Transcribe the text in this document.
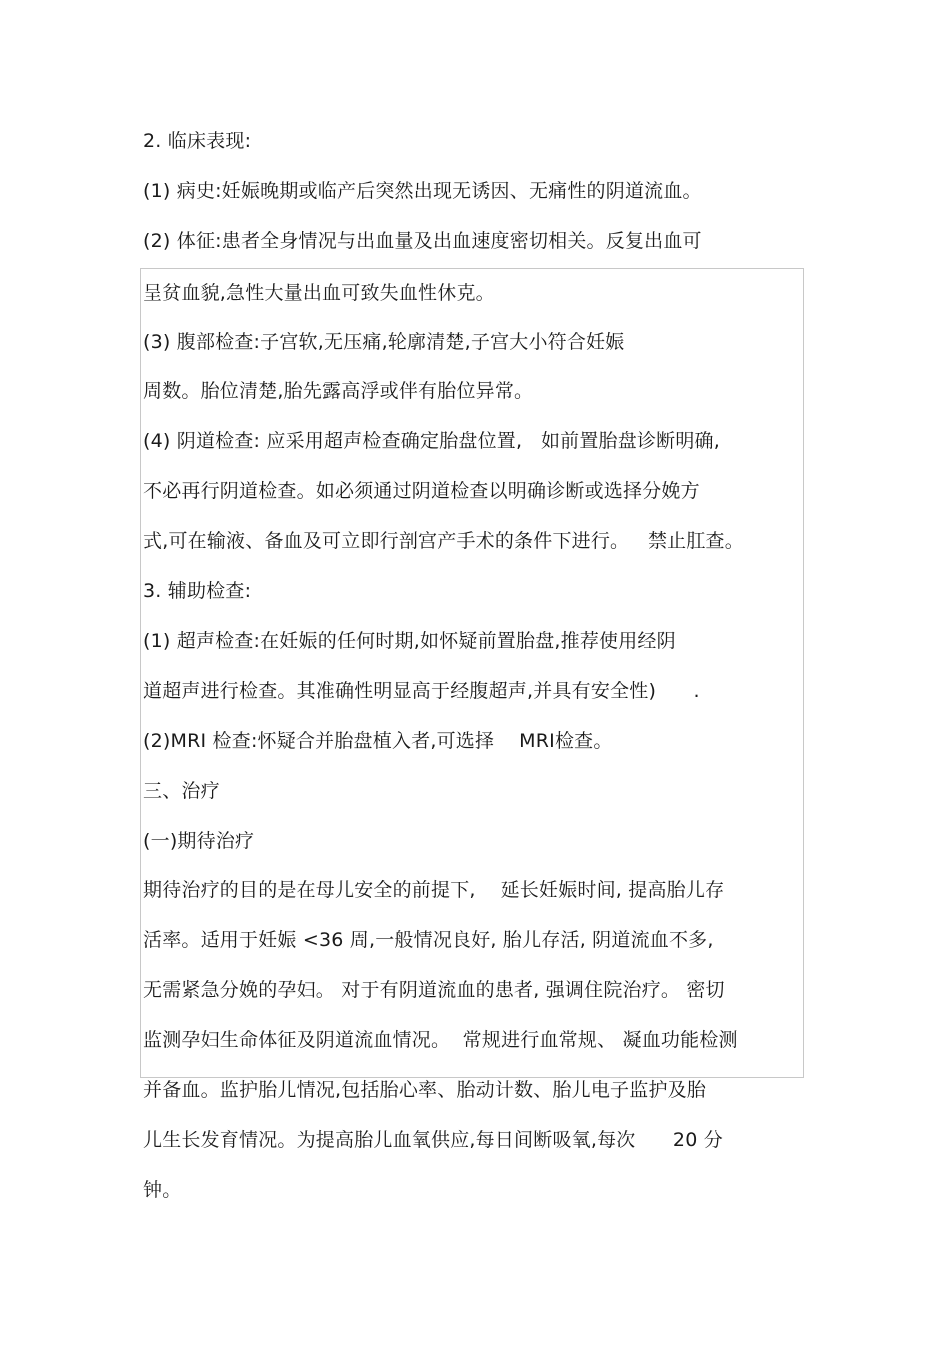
2. 临床表现:
(1) 病史:妊娠晚期或临产后突然出现无诱因、无痛性的阴道流血。
(2) 体征:患者全身情况与出血量及出血速度密切相关。反复出血可
呈贫血貌,急性大量出血可致失血性休克。
(3) 腹部检查:子宫软,无压痛,轮廓清楚,子宫大小符合妊娠
周数。胎位清楚,胎先露高浮或伴有胎位异常。
(4) 阴道检查: 应采用超声检查确定胎盘位置,   如前置胎盘诊断明确,
不必再行阴道检查。如必须通过阴道检查以明确诊断或选择分娩方
式,可在输液、备血及可立即行剖宫产手术的条件下进行。   禁止肛查。
3. 辅助检查:
(1) 超声检查:在妊娠的任何时期,如怀疑前置胎盘,推荐使用经阴
道超声进行检查。其准确性明显高于经腹超声,并具有安全性)      .
(2)MRI 检查:怀疑合并胎盘植入者,可选择    MRI检查。
三、治疗
(一)期待治疗
期待治疗的目的是在母儿安全的前提下,    延长妊娠时间, 提高胎儿存
活率。适用于妊娠 <36 周,一般情况良好, 胎儿存活, 阴道流血不多,
无需紧急分娩的孕妇。 对于有阴道流血的患者, 强调住院治疗。 密切
监测孕妇生命体征及阴道流血情况。  常规进行血常规、 凝血功能检测
并备血。监护胎儿情况,包括胎心率、胎动计数、胎儿电子监护及胎
儿生长发育情况。为提高胎儿血氧供应,每日间断吸氧,每次      20 分
钟。
